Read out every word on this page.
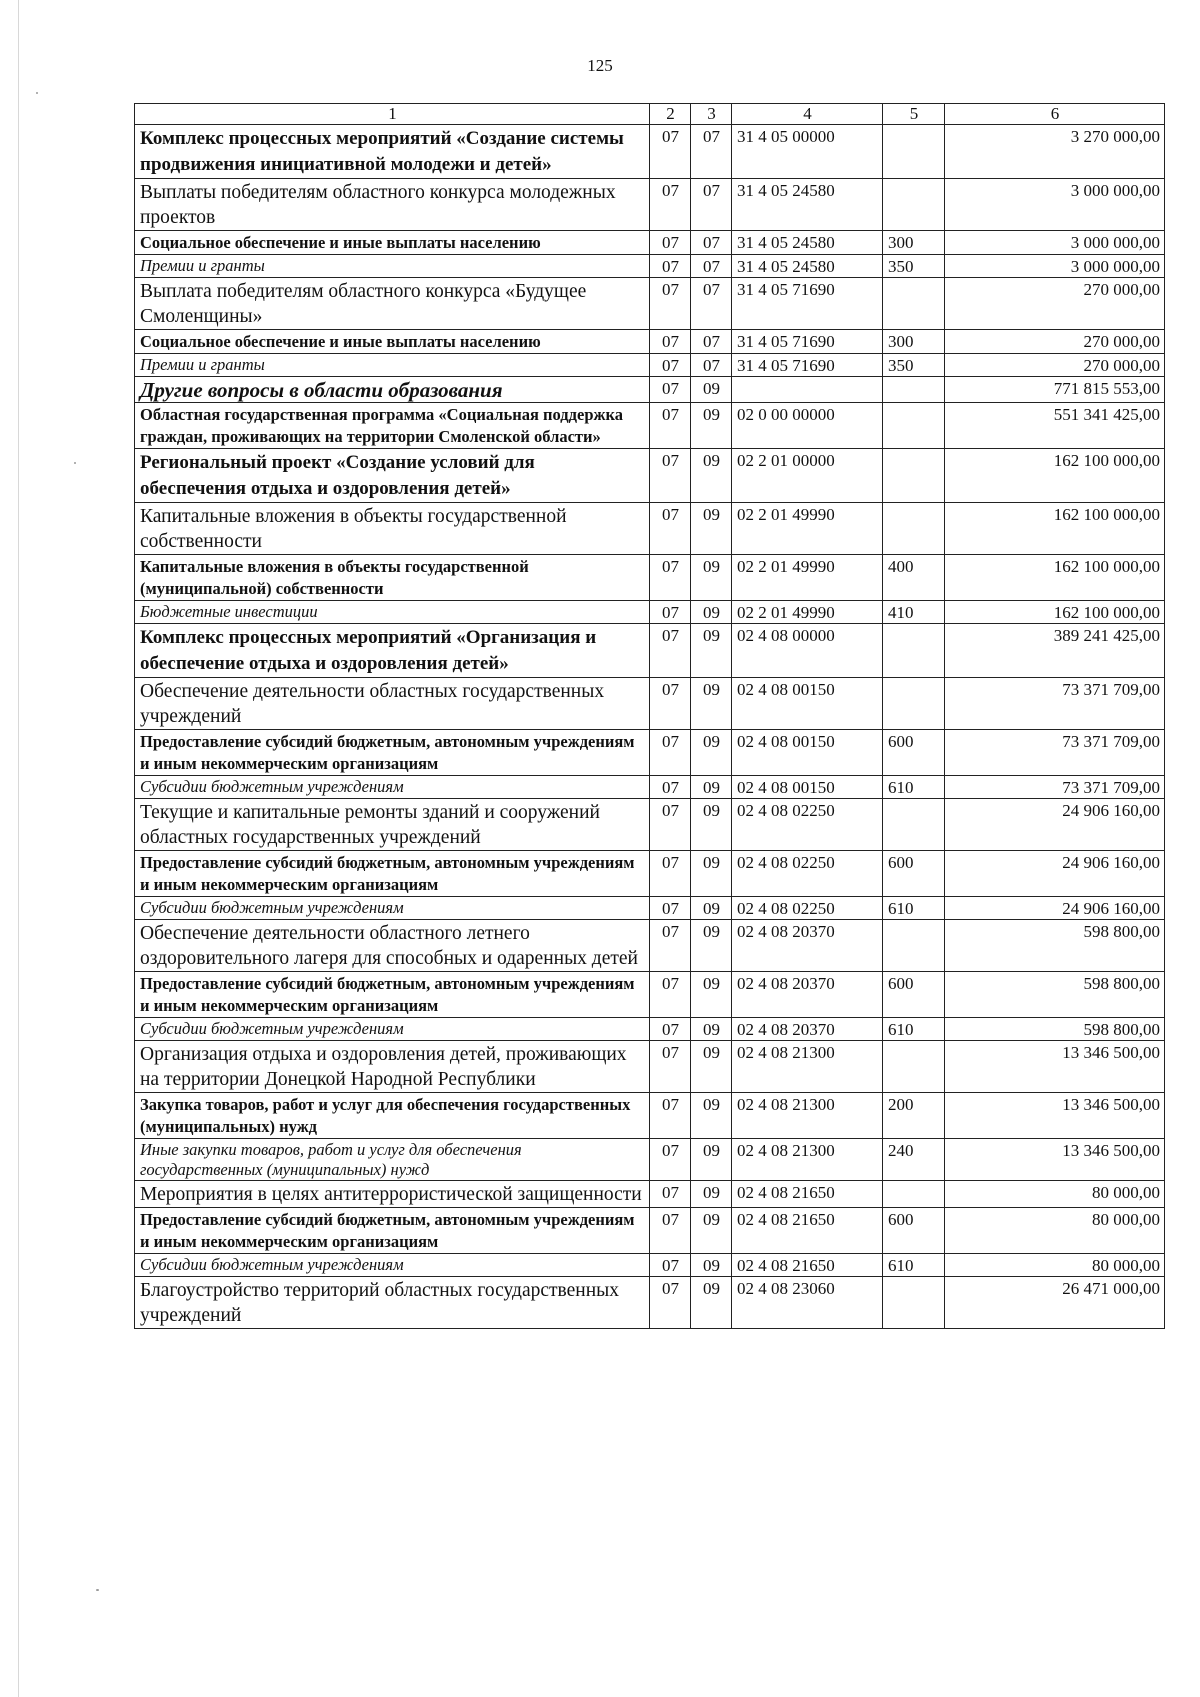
125
1	2	3	4	5	6
Комплекс процессных мероприятий «Создание системы продвижения инициативной молодежи и детей»	07	07	31 4 05 00000		3 270 000,00
Выплаты победителям областного конкурса молодежных проектов	07	07	31 4 05 24580		3 000 000,00
Социальное обеспечение и иные выплаты населению	07	07	31 4 05 24580	300	3 000 000,00
Премии и гранты	07	07	31 4 05 24580	350	3 000 000,00
Выплата победителям областного конкурса «Будущее Смоленщины»	07	07	31 4 05 71690		270 000,00
Социальное обеспечение и иные выплаты населению	07	07	31 4 05 71690	300	270 000,00
Премии и гранты	07	07	31 4 05 71690	350	270 000,00
Другие вопросы в области образования	07	09			771 815 553,00
Областная государственная программа «Социальная поддержка граждан, проживающих на территории Смоленской области»	07	09	02 0 00 00000		551 341 425,00
Региональный проект «Создание условий для обеспечения отдыха и оздоровления детей»	07	09	02 2 01 00000		162 100 000,00
Капитальные вложения в объекты государственной собственности	07	09	02 2 01 49990		162 100 000,00
Капитальные вложения в объекты государственной (муниципальной) собственности	07	09	02 2 01 49990	400	162 100 000,00
Бюджетные инвестиции	07	09	02 2 01 49990	410	162 100 000,00
Комплекс процессных мероприятий «Организация и обеспечение отдыха и оздоровления детей»	07	09	02 4 08 00000		389 241 425,00
Обеспечение деятельности областных государственных учреждений	07	09	02 4 08 00150		73 371 709,00
Предоставление субсидий бюджетным, автономным учреждениям и иным некоммерческим организациям	07	09	02 4 08 00150	600	73 371 709,00
Субсидии бюджетным учреждениям	07	09	02 4 08 00150	610	73 371 709,00
Текущие и капитальные ремонты зданий и сооружений областных государственных учреждений	07	09	02 4 08 02250		24 906 160,00
Предоставление субсидий бюджетным, автономным учреждениям и иным некоммерческим организациям	07	09	02 4 08 02250	600	24 906 160,00
Субсидии бюджетным учреждениям	07	09	02 4 08 02250	610	24 906 160,00
Обеспечение деятельности областного летнего оздоровительного лагеря для способных и одаренных детей	07	09	02 4 08 20370		598 800,00
Предоставление субсидий бюджетным, автономным учреждениям и иным некоммерческим организациям	07	09	02 4 08 20370	600	598 800,00
Субсидии бюджетным учреждениям	07	09	02 4 08 20370	610	598 800,00
Организация отдыха и оздоровления детей, проживающих на территории Донецкой Народной Республики	07	09	02 4 08 21300		13 346 500,00
Закупка товаров, работ и услуг для обеспечения государственных (муниципальных) нужд	07	09	02 4 08 21300	200	13 346 500,00
Иные закупки товаров, работ и услуг для обеспечения государственных (муниципальных) нужд	07	09	02 4 08 21300	240	13 346 500,00
Мероприятия в целях антитеррористической защищенности	07	09	02 4 08 21650		80 000,00
Предоставление субсидий бюджетным, автономным учреждениям и иным некоммерческим организациям	07	09	02 4 08 21650	600	80 000,00
Субсидии бюджетным учреждениям	07	09	02 4 08 21650	610	80 000,00
Благоустройство территорий областных государственных учреждений	07	09	02 4 08 23060		26 471 000,00
